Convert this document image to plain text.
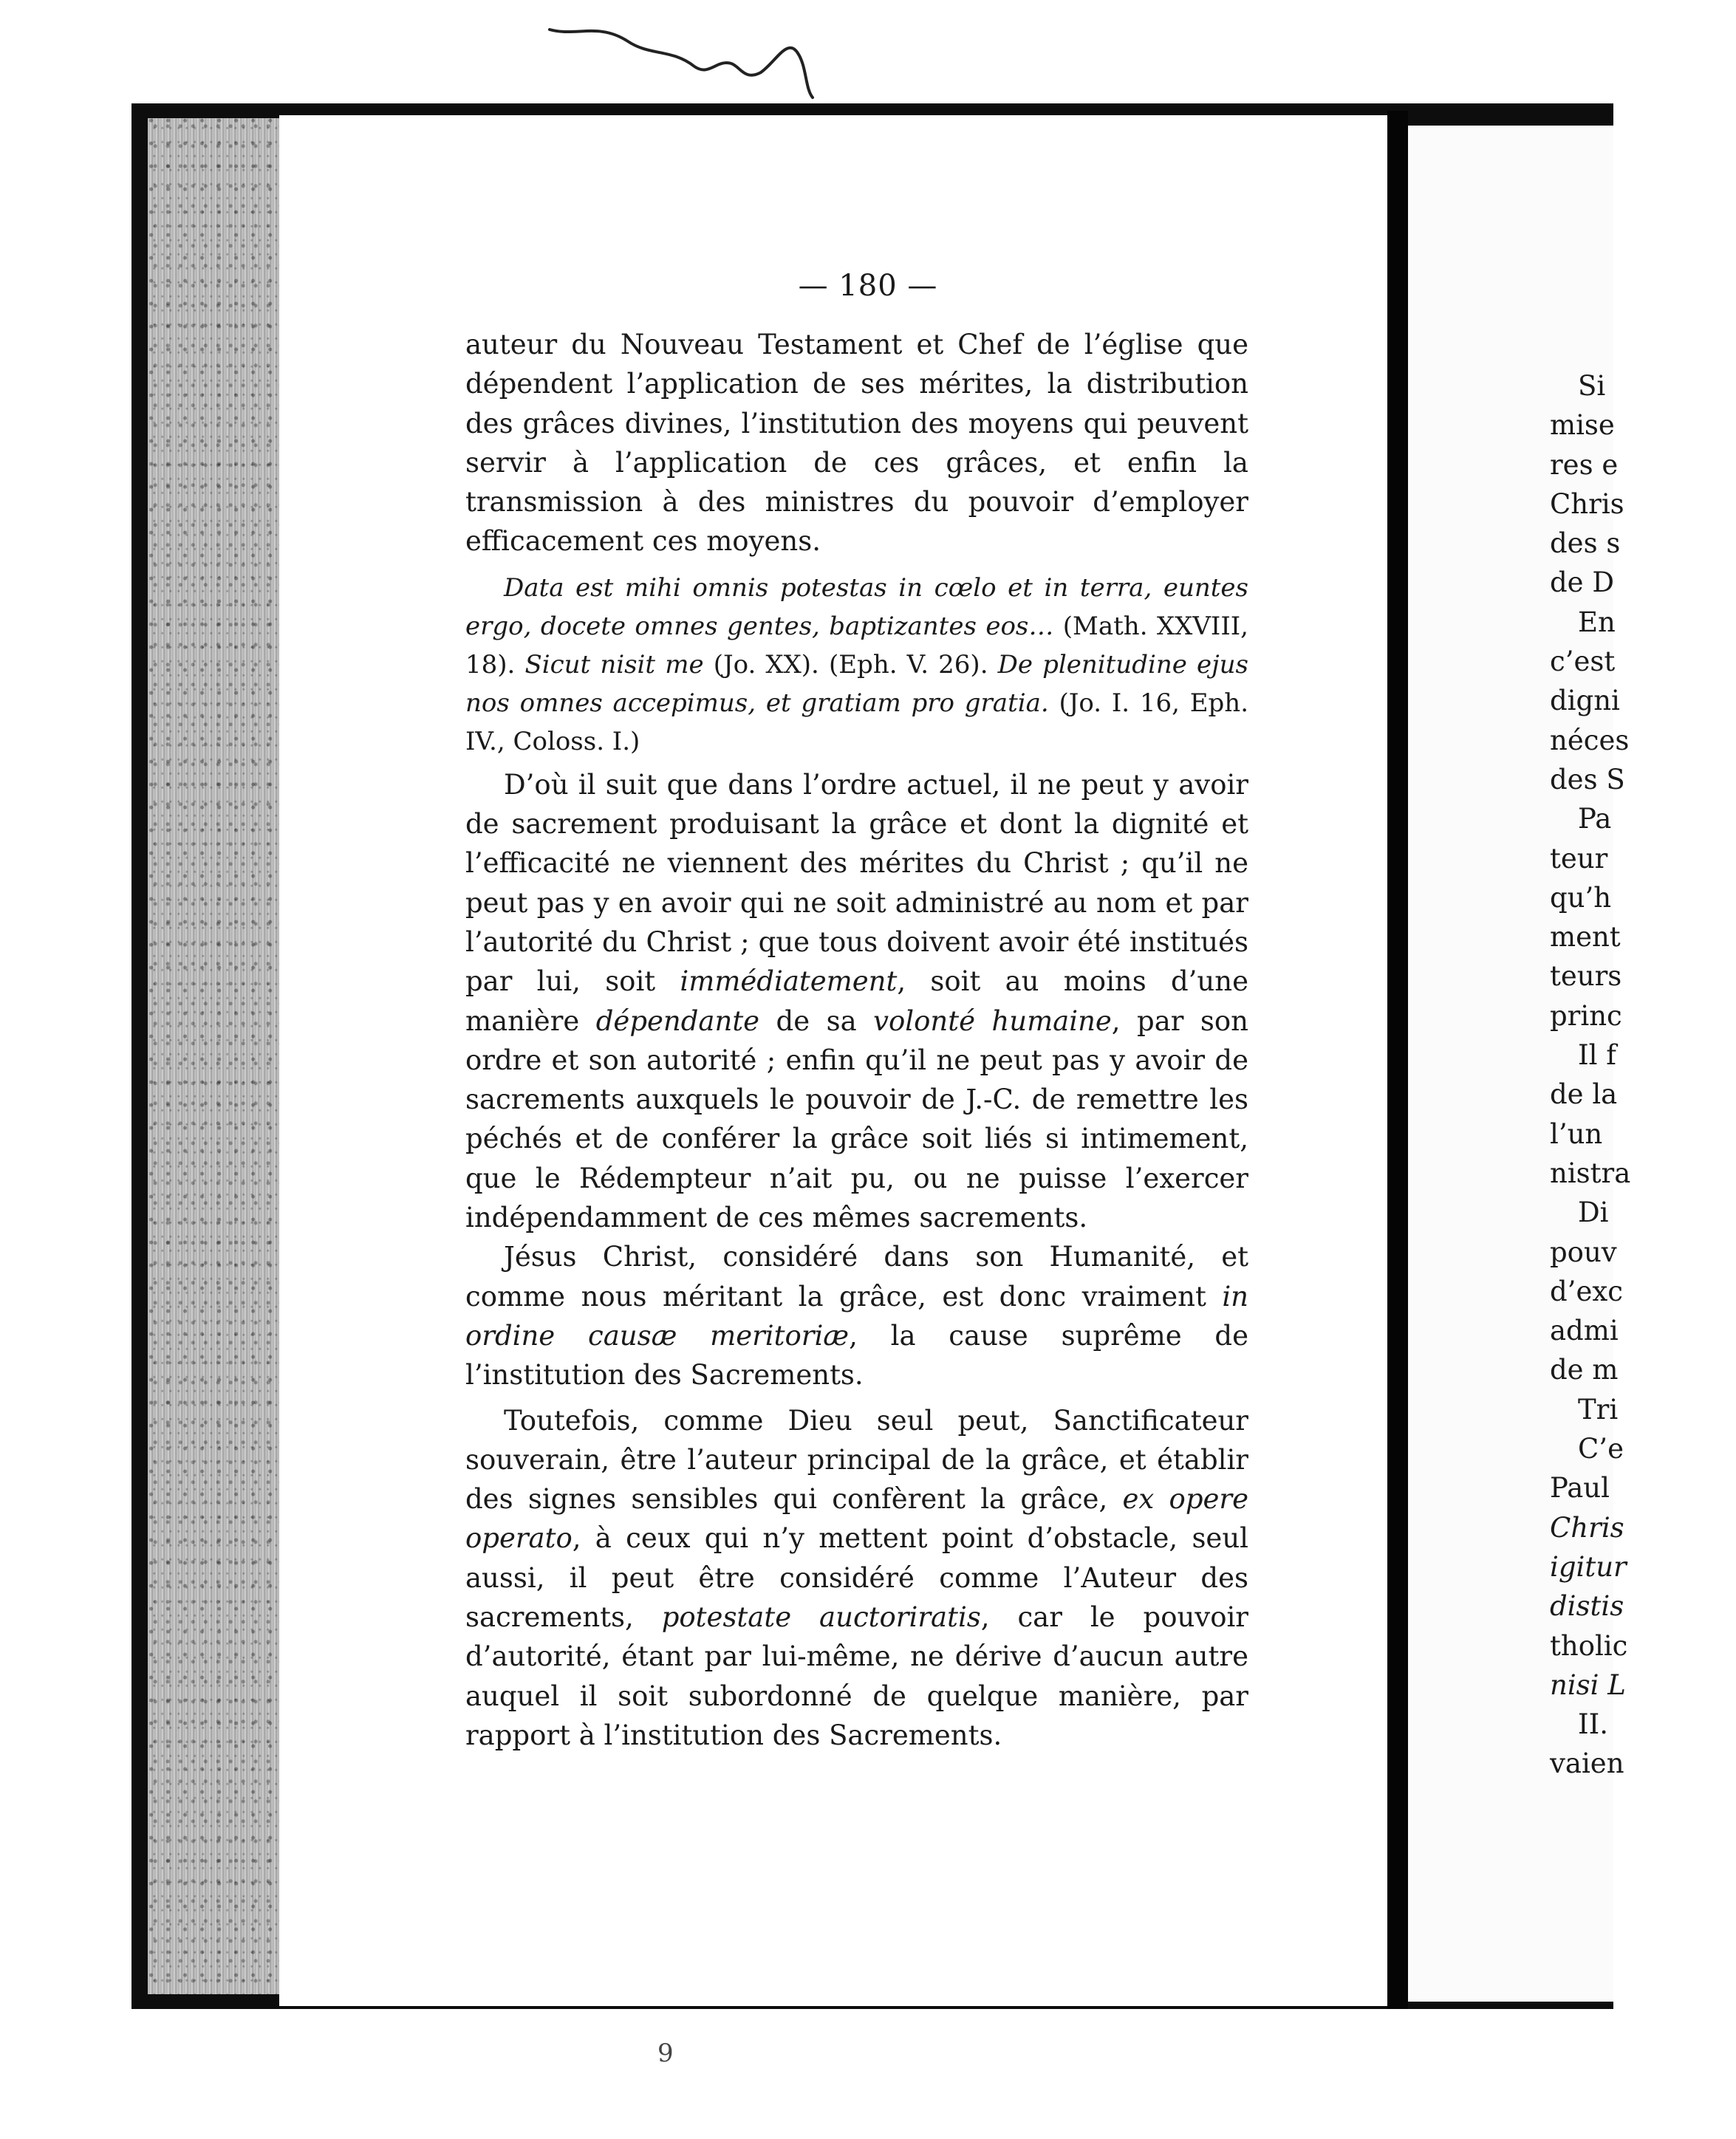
— 180 —

auteur du Nouveau Testament et Chef de l’église que dépendent l’application de ses mérites, la distribution des grâces divines, l’institution des moyens qui peuvent servir à l’application de ces grâces, et enfin la transmission à des ministres du pouvoir d’employer efficacement ces moyens.

Data est mihi omnis potestas in cœlo et in terra, euntes ergo, docete omnes gentes, baptizantes eos… (Math. XXVIII, 18). Sicut nisit me (Jo. XX). (Eph. V. 26). De plenitudine ejus nos omnes accepimus, et gratiam pro gratia. (Jo. I. 16, Eph. IV., Coloss. I.)

D’où il suit que dans l’ordre actuel, il ne peut y avoir de sacrement produisant la grâce et dont la dignité et l’efficacité ne viennent des mérites du Christ ; qu’il ne peut pas y en avoir qui ne soit administré au nom et par l’autorité du Christ ; que tous doivent avoir été institués par lui, soit immédiatement, soit au moins d’une manière dépendante de sa volonté humaine, par son ordre et son autorité ; enfin qu’il ne peut pas y avoir de sacrements auxquels le pouvoir de J.-C. de remettre les péchés et de conférer la grâce soit liés si intimement, que le Rédempteur n’ait pu, ou ne puisse l’exercer indépendamment de ces mêmes sacrements.

Jésus Christ, considéré dans son Humanité, et comme nous méritant la grâce, est donc vraiment in ordine causæ meritoriæ, la cause suprême de l’institution des Sacrements.

Toutefois, comme Dieu seul peut, Sanctificateur souverain, être l’auteur principal de la grâce, et établir des signes sensibles qui confèrent la grâce, ex opere operato, à ceux qui n’y mettent point d’obstacle, seul aussi, il peut être considéré comme l’Auteur des sacrements, potestate auctoriratis, car le pouvoir d’autorité, étant par lui-même, ne dérive d’aucun autre auquel il soit subordonné de quelque manière, par rapport à l’institution des Sacrements.

Si
mise
res e
Chris
des s
de D
En
c’est
digni
néces
des S
Pa
teur
qu’h
ment
teurs
princ
Il f
de la
l’un
nistra
Di
pouv
d’exc
admi
de m
Tri
C’e
Paul
Chris
igitur
distis
tholic
nisi L
II.
vaien
9
